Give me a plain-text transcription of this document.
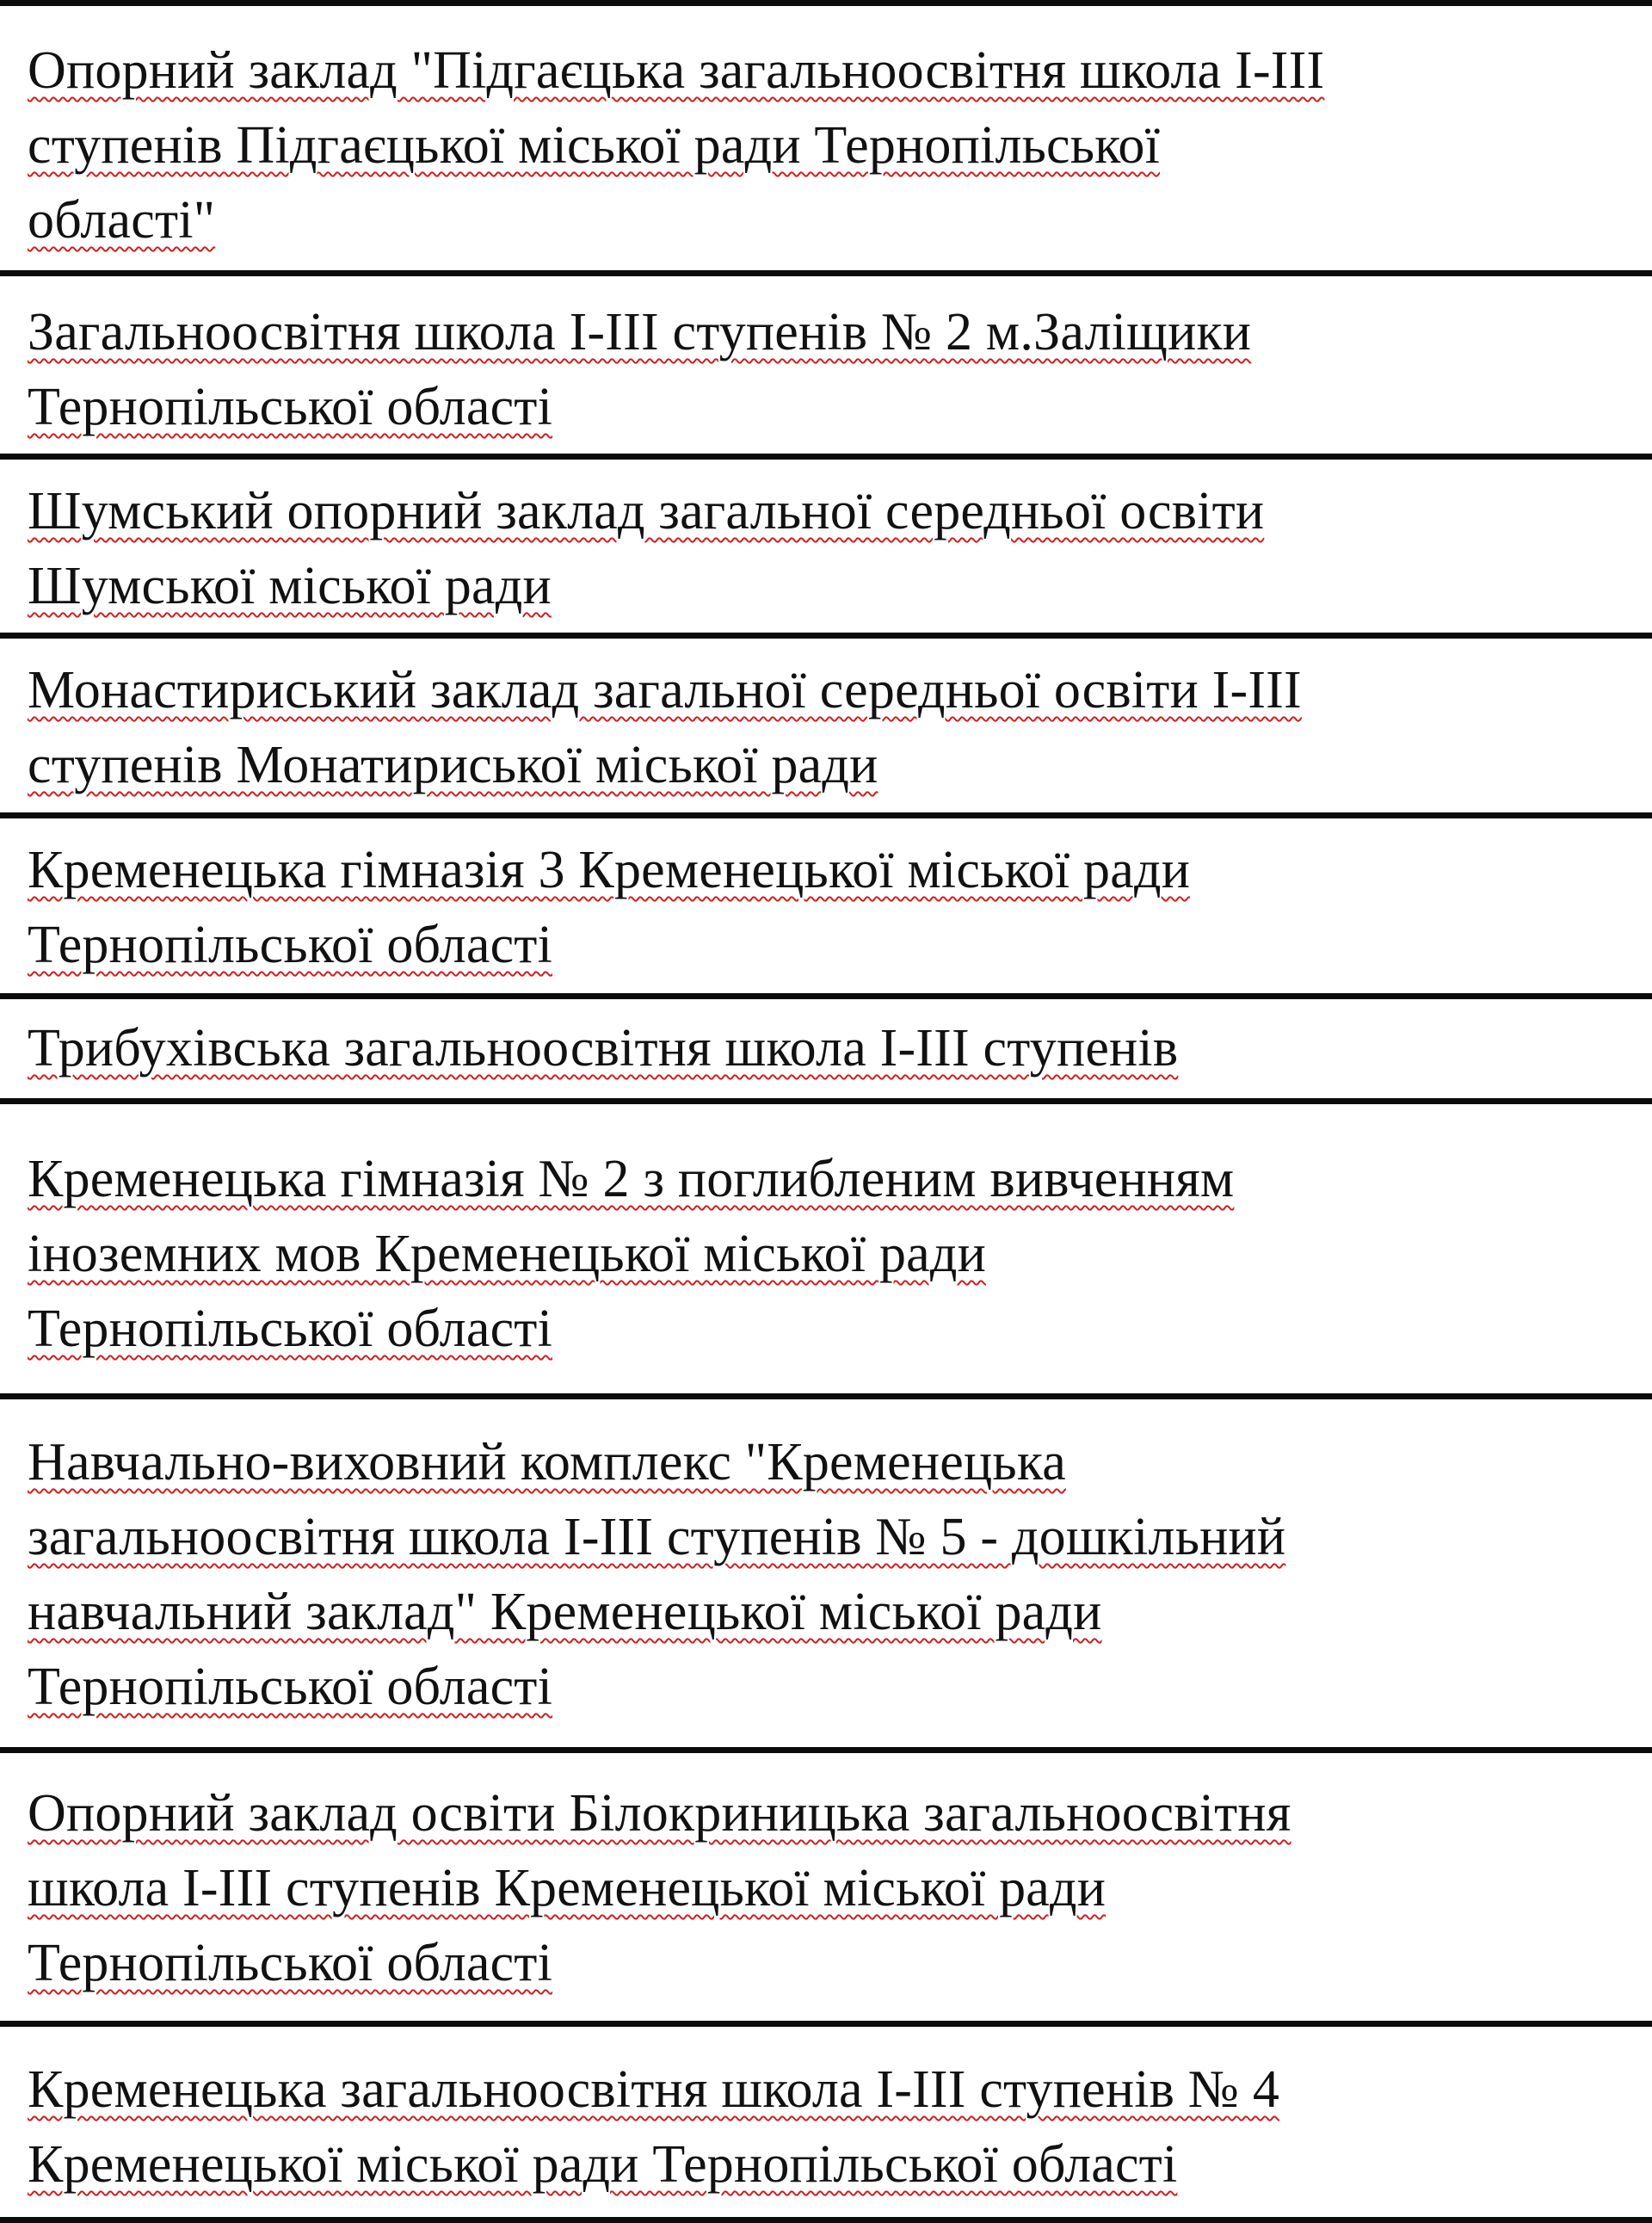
Опорний заклад "Підгаєцька загальноосвітня школа І-ІІІ
ступенів Підгаєцької міської ради Тернопільської
області"
Загальноосвітня школа І-ІІІ ступенів № 2 м.Заліщики
Тернопільської області
Шумський опорний заклад загальної середньої освіти
Шумської міської ради
Монастириський заклад загальної середньої освіти І-ІІІ
ступенів Монатириської міської ради
Кременецька гімназія 3 Кременецької міської ради
Тернопільської області
Трибухівська загальноосвітня школа І-ІІІ ступенів
Кременецька гімназія № 2 з поглибленим вивченням
іноземних мов Кременецької міської ради
Тернопільської області
Навчально-виховний комплекс "Кременецька
загальноосвітня школа І-ІІІ ступенів № 5 - дошкільний
навчальний заклад" Кременецької міської ради
Тернопільської області
Опорний заклад освіти Білокриницька загальноосвітня
школа І-ІІІ ступенів Кременецької міської ради
Тернопільської області
Кременецька загальноосвітня школа І-ІІІ ступенів № 4
Кременецької міської ради Тернопільської області
